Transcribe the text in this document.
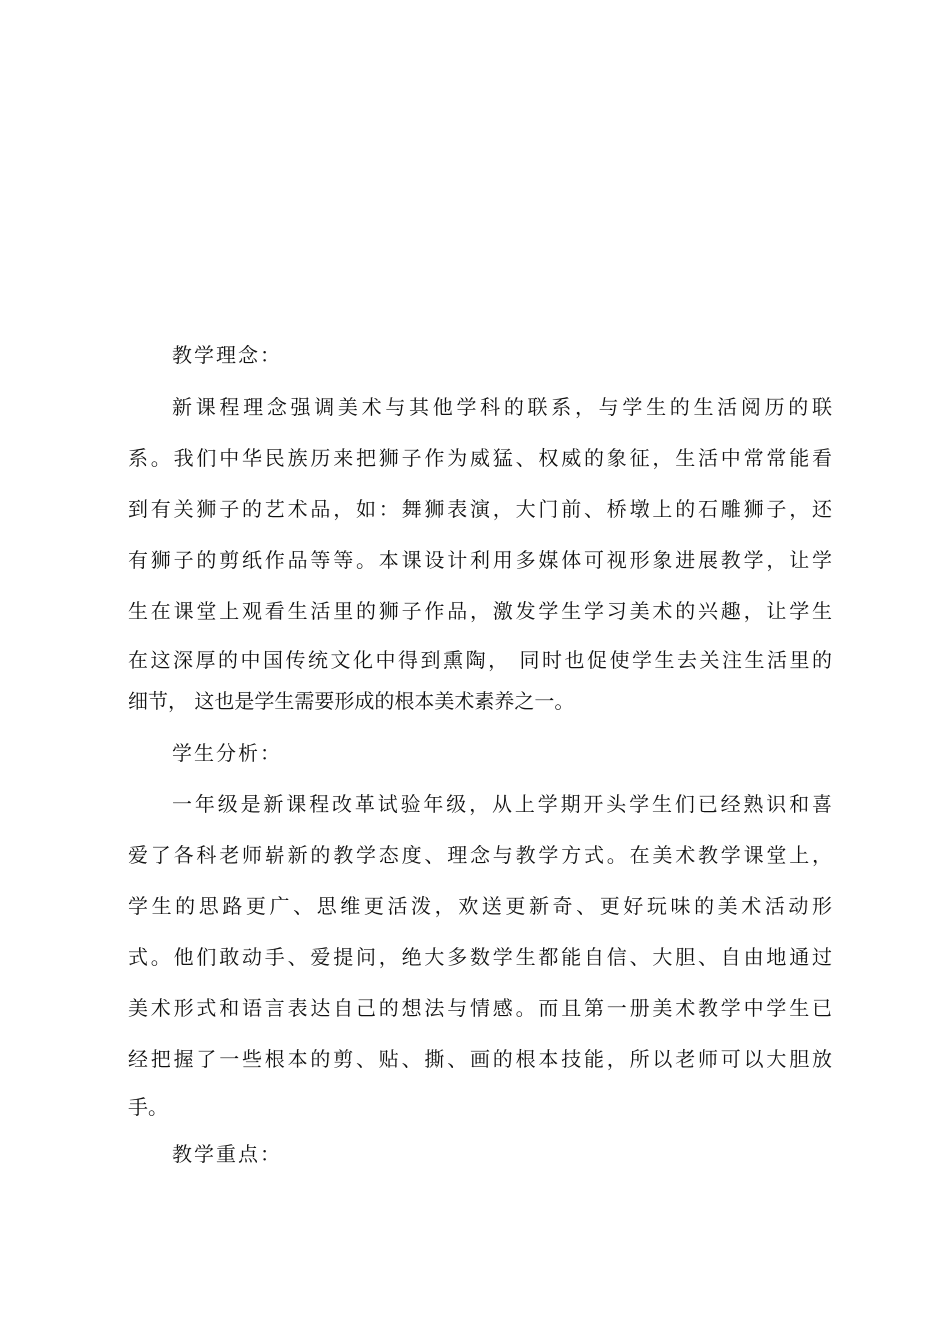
教学理念：
新课程理念强调美术与其他学科的联系，与学生的生活阅历的联
系。我们中华民族历来把狮子作为威猛、权威的象征，生活中常常能看
到有关狮子的艺术品，如：舞狮表演，大门前、桥墩上的石雕狮子，还
有狮子的剪纸作品等等。本课设计利用多媒体可视形象进展教学，让学
生在课堂上观看生活里的狮子作品，激发学生学习美术的兴趣，让学生
在这深厚的中国传统文化中得到熏陶， 同时也促使学生去关注生活里的
细节， 这也是学生需要形成的根本美术素养之一。
学生分析：
一年级是新课程改革试验年级，从上学期开头学生们已经熟识和喜
爱了各科老师崭新的教学态度、理念与教学方式。在美术教学课堂上，
学生的思路更广、思维更活泼，欢送更新奇、更好玩味的美术活动形
式。他们敢动手、爱提问，绝大多数学生都能自信、大胆、自由地通过
美术形式和语言表达自己的想法与情感。而且第一册美术教学中学生已
经把握了一些根本的剪、贴、撕、画的根本技能，所以老师可以大胆放
手。
教学重点：
